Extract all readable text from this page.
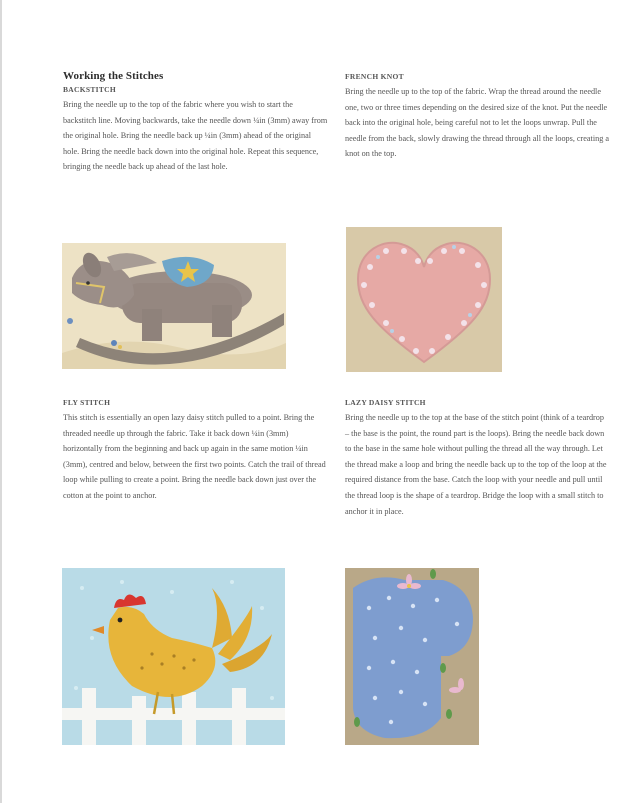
Working the Stitches
BACKSTITCH

Bring the needle up to the top of the fabric where you wish to start the backstitch line. Moving backwards, take the needle down ¼in (3mm) away from the original hole. Bring the needle back up ¼in (3mm) ahead of the original hole. Bring the needle back down into the original hole. Repeat this sequence, bringing the needle back up ahead of the last hole.

FRENCH KNOT

Bring the needle up to the top of the fabric. Wrap the thread around the needle one, two or three times depending on the desired size of the knot. Put the needle back into the original hole, being careful not to let the loops unwrap. Pull the needle from the back, slowly drawing the thread through all the loops, creating a knot on the top.

FLY STITCH

This stitch is essentially an open lazy daisy stitch pulled to a point. Bring the threaded needle up through the fabric. Take it back down ¼in (3mm) horizontally from the beginning and back up again in the same motion ¼in (3mm), centred and below, between the first two points. Catch the trail of thread loop while pulling to create a point. Bring the needle back down just over the cotton at the point to anchor.

LAZY DAISY STITCH

Bring the needle up to the top at the base of the stitch point (think of a teardrop – the base is the point, the round part is the loops). Bring the needle back down to the base in the same hole without pulling the thread all the way through. Let the thread make a loop and bring the needle back up to the top of the loop at the required distance from the base. Catch the loop with your needle and pull until the thread loop is the shape of a teardrop. Bridge the loop with a small stitch to anchor it in place.
